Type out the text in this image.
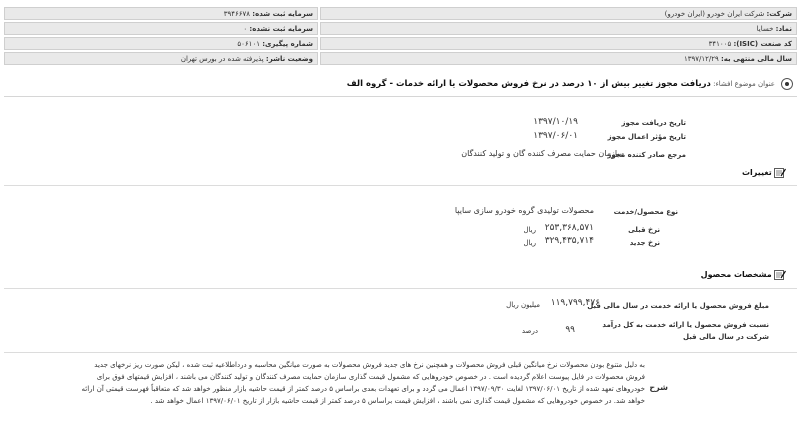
شرکت: شرکت ایران‌ خودرو (ایران خودرو)
سرمایه ثبت شده: ۳۹۴۶۶۷۸
نماد: خسایا
سرمایه ثبت نشده: ۰
کد صنعت (ISIC): ۳۴۱۰۰۵
شماره پیگیری: ۵۰۶۱۰۱
سال مالی منتهی به: ۱۳۹۷/۱۲/۲۹
وضعیت ناشر: پذیرفته شده در بورس تهران
عنوان موضوع افشاء: دریافت مجوز تغییر بیش از ۱۰ درصد در نرخ فروش محصولات یا ارائه خدمات - گروه الف
تاریخ دریافت مجوز
۱۳۹۷/۱۰/۱۹
تاریخ مؤثر اعمال مجوز
۱۳۹۷/۰۶/۰۱
مرجع صادر کننده مجوز
سازمان حمایت مصرف کننده گان و تولید کنندگان
تغییرات
نوع محصول/خدمت
محصولات تولیدی گروه خودرو سازی سایپا
نرخ قبلی
۲۵۳,۳۶۸,۵۷۱
ریال
نرخ جدید
۳۲۹,۴۳۵,۷۱۴
ریال
مشخصات محصول
مبلغ فروش محصول یا ارائه خدمت در سال مالی قبل
۱۱۹,۷۹۹,۴۷۶
میلیون ریال
نسبت فروش محصول یا ارائه خدمت به کل درآمد
شرکت در سال مالی قبل
۹۹
درصد
شرح
به دلیل متنوع بودن محصولات نرخ میانگین قبلی فروش محصولات و همچنین نرخ های جدید فروش محصولات به صورت میانگین محاسبه و درداطلاعیه ثبت شده ، لیکن صورت ریز نرخهای جدید
فروش محصولات در فایل پیوست اعلام گردیده است . در خصوص خودروهایی که مشمول قیمت گذاری سازمان حمایت مصرف کنندگان و تولید کنندگان می باشند ، افزایش قیمتهای فوق برای
خودروهای تعهد شده از تاریخ ۱۳۹۷/۰۶/۰۱ لغایت ۱۳۹۷/۰۹/۳۰ اعمال می گردد و برای تعهدات بعدی براساس ۵ درصد کمتر از قیمت حاشیه بازار منظور خواهد شد که متعاقباً فهرست قیمتی آن ارائه
خواهد شد. در خصوص خودروهایی که مشمول قیمت گذاری نمی باشند ، افزایش قیمت براساس ۵ درصد کمتر از قیمت حاشیه بازار از تاریخ ۱۳۹۷/۰۶/۰۱ اعمال خواهد شد .
